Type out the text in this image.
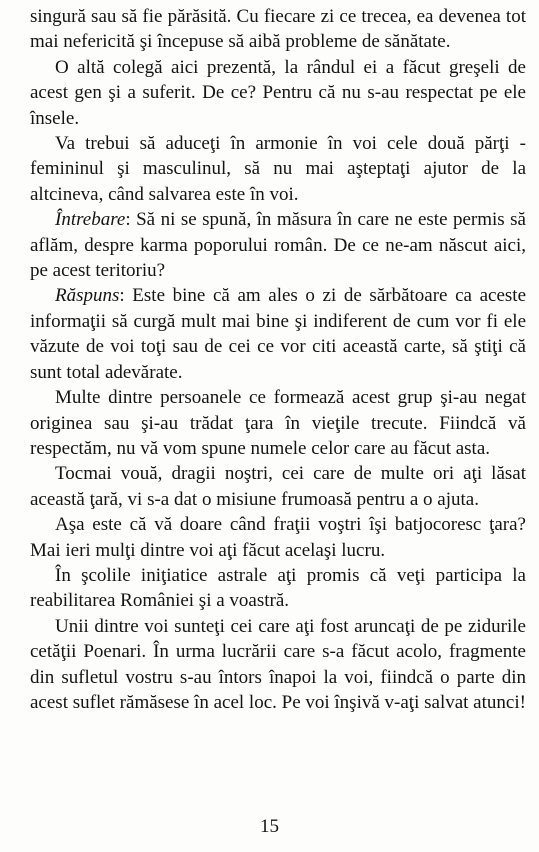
singură sau să fie părăsită. Cu fiecare zi ce trecea, ea devenea tot mai nefericită şi începuse să aibă probleme de sănătate.

O altă colegă aici prezentă, la rândul ei a făcut greşeli de acest gen şi a suferit. De ce? Pentru că nu s-au respectat pe ele însele.

Va trebui să aduceţi în armonie în voi cele două părţi - femininul şi masculinul, să nu mai aşteptaţi ajutor de la altcineva, când salvarea este în voi.

Întrebare: Să ni se spună, în măsura în care ne este permis să aflăm, despre karma poporului român. De ce ne-am născut aici, pe acest teritoriu?

Răspuns: Este bine că am ales o zi de sărbătoare ca aceste informaţii să curgă mult mai bine şi indiferent de cum vor fi ele văzute de voi toţi sau de cei ce vor citi această carte, să ştiţi că sunt total adevărate.

Multe dintre persoanele ce formează acest grup şi-au negat originea sau şi-au trădat ţara în vieţile trecute. Fiindcă vă respectăm, nu vă vom spune numele celor care au făcut asta.

Tocmai vouă, dragii noştri, cei care de multe ori aţi lăsat această ţară, vi s-a dat o misiune frumoasă pentru a o ajuta.

Aşa este că vă doare când fraţii voştri îşi batjocoresc ţara? Mai ieri mulţi dintre voi aţi făcut acelaşi lucru.

În şcolile iniţiatice astrale aţi promis că veţi participa la reabilitarea României şi a voastră.

Unii dintre voi sunteţi cei care aţi fost aruncaţi de pe zidurile cetăţii Poenari. În urma lucrării care s-a făcut acolo, fragmente din sufletul vostru s-au întors înapoi la voi, fiindcă o parte din acest suflet rămăsese în acel loc. Pe voi înşivă v-aţi salvat atunci!

15
